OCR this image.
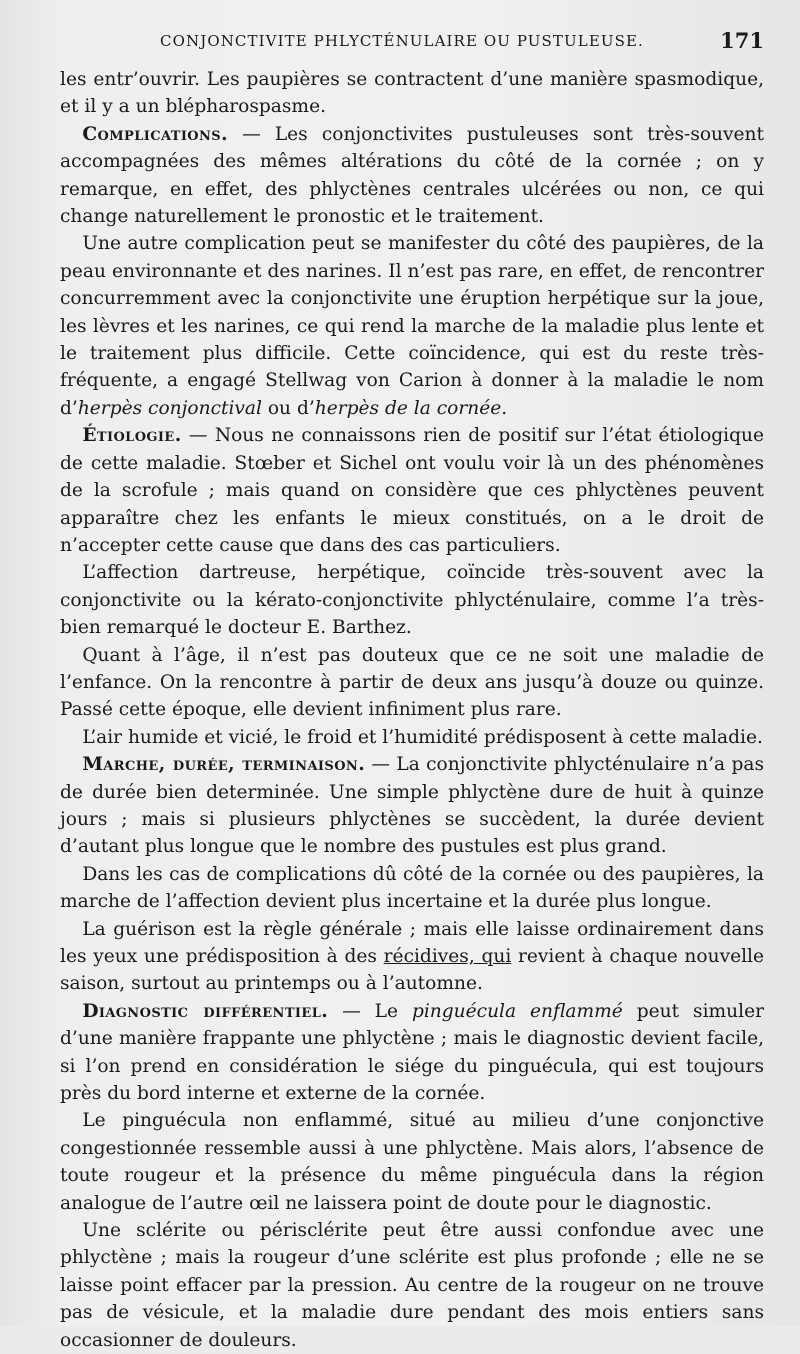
CONJONCTIVITE PHLYCTÉNULAIRE OU PUSTULEUSE.	171

les entr’ouvrir. Les paupières se contractent d’une manière spasmodique, et il y a un blépharospasme.

Complications. — Les conjonctivites pustuleuses sont très-souvent accompagnées des mêmes altérations du côté de la cornée ; on y remarque, en effet, des phlyctènes centrales ulcérées ou non, ce qui change naturellement le pronostic et le traitement.

Une autre complication peut se manifester du côté des paupières, de la peau environnante et des narines. Il n’est pas rare, en effet, de rencontrer concurremment avec la conjonctivite une éruption herpétique sur la joue, les lèvres et les narines, ce qui rend la marche de la maladie plus lente et le traitement plus difficile. Cette coïncidence, qui est du reste très-fréquente, a engagé Stellwag von Carion à donner à la maladie le nom d’herpès conjonctival ou d’herpès de la cornée.

Étiologie. — Nous ne connaissons rien de positif sur l’état étiologique de cette maladie. Stœber et Sichel ont voulu voir là un des phénomènes de la scrofule ; mais quand on considère que ces phlyctènes peuvent apparaître chez les enfants le mieux constitués, on a le droit de n’accepter cette cause que dans des cas particuliers.

L’affection dartreuse, herpétique, coïncide très-souvent avec la conjonctivite ou la kérato-conjonctivite phlycténulaire, comme l’a très-bien remarqué le docteur E. Barthez.

Quant à l’âge, il n’est pas douteux que ce ne soit une maladie de l’enfance. On la rencontre à partir de deux ans jusqu’à douze ou quinze. Passé cette époque, elle devient infiniment plus rare.

L’air humide et vicié, le froid et l’humidité prédisposent à cette maladie.

Marche, durée, terminaison. — La conjonctivite phlycténulaire n’a pas de durée bien determinée. Une simple phlyctène dure de huit à quinze jours ; mais si plusieurs phlyctènes se succèdent, la durée devient d’autant plus longue que le nombre des pustules est plus grand.

Dans les cas de complications dû côté de la cornée ou des paupières, la marche de l’affection devient plus incertaine et la durée plus longue.

La guérison est la règle générale ; mais elle laisse ordinairement dans les yeux une prédisposition à des récidives, qui revient à chaque nouvelle saison, surtout au printemps ou à l’automne.

Diagnostic différentiel. — Le pinguécula enflammé peut simuler d’une manière frappante une phlyctène ; mais le diagnostic devient facile, si l’on prend en considération le siége du pinguécula, qui est toujours près du bord interne et externe de la cornée.

Le pinguécula non enflammé, situé au milieu d’une conjonctive congestionnée ressemble aussi à une phlyctène. Mais alors, l’absence de toute rougeur et la présence du même pinguécula dans la région analogue de l’autre œil ne laissera point de doute pour le diagnostic.

Une sclérite ou périsclérite peut être aussi confondue avec une phlyctène ; mais la rougeur d’une sclérite est plus profonde ; elle ne se laisse point effacer par la pression. Au centre de la rougeur on ne trouve pas de vésicule, et la maladie dure pendant des mois entiers sans occasionner de douleurs.
